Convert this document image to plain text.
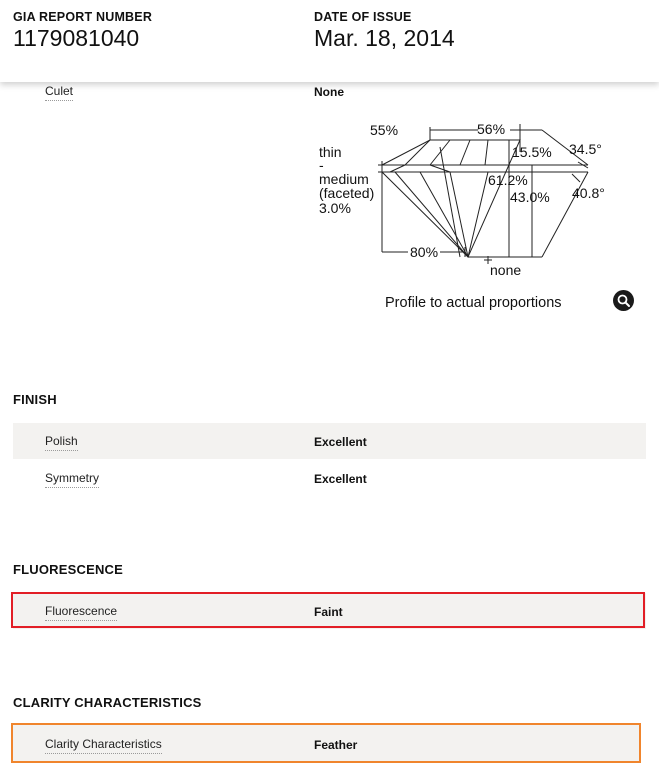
GIA REPORT NUMBER
1179081040
DATE OF ISSUE
Mar. 18, 2014
Culet	None
55%	56%
15.5% 34.5°
thin
-
medium
(faceted)
3.0%
61.2%
43.0% 40.8°
80%
none
Profile to actual proportions
FINISH
Polish	Excellent
Symmetry	Excellent
FLUORESCENCE
Fluorescence	Faint
CLARITY CHARACTERISTICS
Clarity Characteristics	Feather
